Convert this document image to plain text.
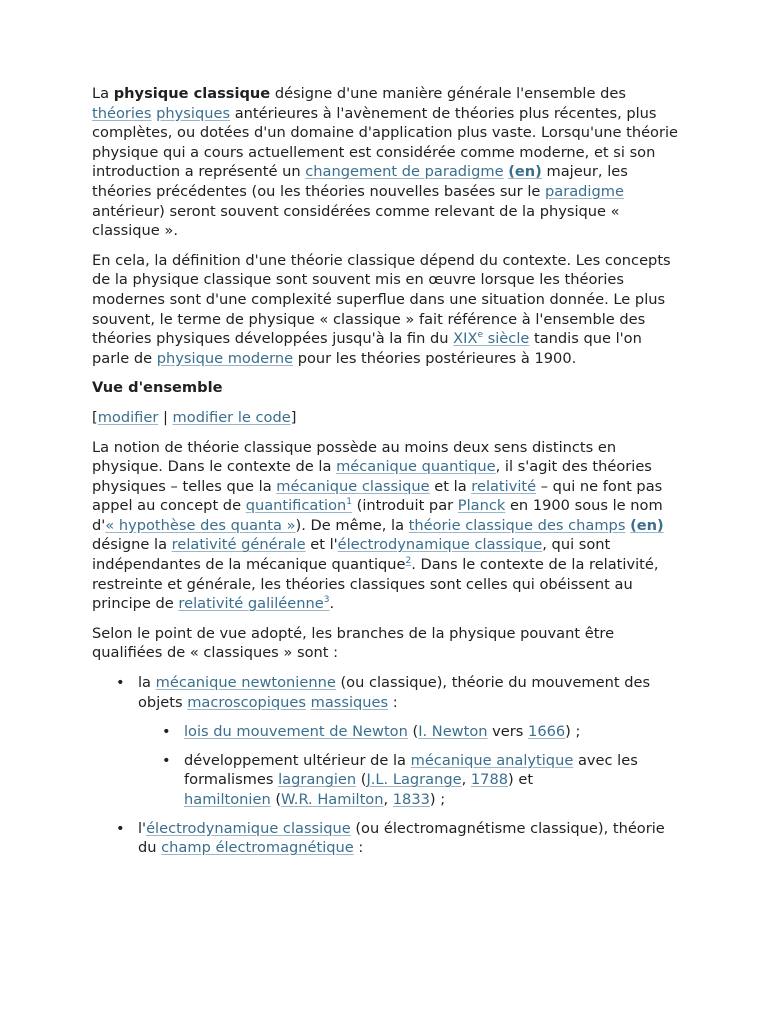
La physique classique désigne d'une manière générale l'ensemble des théories physiques antérieures à l'avènement de théories plus récentes, plus complètes, ou dotées d'un domaine d'application plus vaste. Lorsqu'une théorie physique qui a cours actuellement est considérée comme moderne, et si son introduction a représenté un changement de paradigme (en) majeur, les théories précédentes (ou les théories nouvelles basées sur le paradigme antérieur) seront souvent considérées comme relevant de la physique « classique ».

En cela, la définition d'une théorie classique dépend du contexte. Les concepts de la physique classique sont souvent mis en œuvre lorsque les théories modernes sont d'une complexité superflue dans une situation donnée. Le plus souvent, le terme de physique « classique » fait référence à l'ensemble des théories physiques développées jusqu'à la fin du XIXe siècle tandis que l'on parle de physique moderne pour les théories postérieures à 1900.

Vue d'ensemble

[modifier | modifier le code]

La notion de théorie classique possède au moins deux sens distincts en physique. Dans le contexte de la mécanique quantique, il s'agit des théories physiques – telles que la mécanique classique et la relativité – qui ne font pas appel au concept de quantification$^1$ (introduit par Planck en 1900 sous le nom d'« hypothèse des quanta »). De même, la théorie classique des champs (en) désigne la relativité générale et l'électrodynamique classique, qui sont indépendantes de la mécanique quantique$^2$. Dans le contexte de la relativité, restreinte et générale, les théories classiques sont celles qui obéissent au principe de relativité galiléenne$^3$.

Selon le point de vue adopté, les branches de la physique pouvant être qualifiées de « classiques » sont :

• la mécanique newtonienne (ou classique), théorie du mouvement des objets macroscopiques massiques :
• lois du mouvement de Newton (I. Newton vers 1666) ;
• développement ultérieur de la mécanique analytique avec les formalismes lagrangien (J.L. Lagrange, 1788) et
hamiltonien (W.R. Hamilton, 1833) ;
• l'électrodynamique classique (ou électromagnétisme classique), théorie du champ électromagnétique :
